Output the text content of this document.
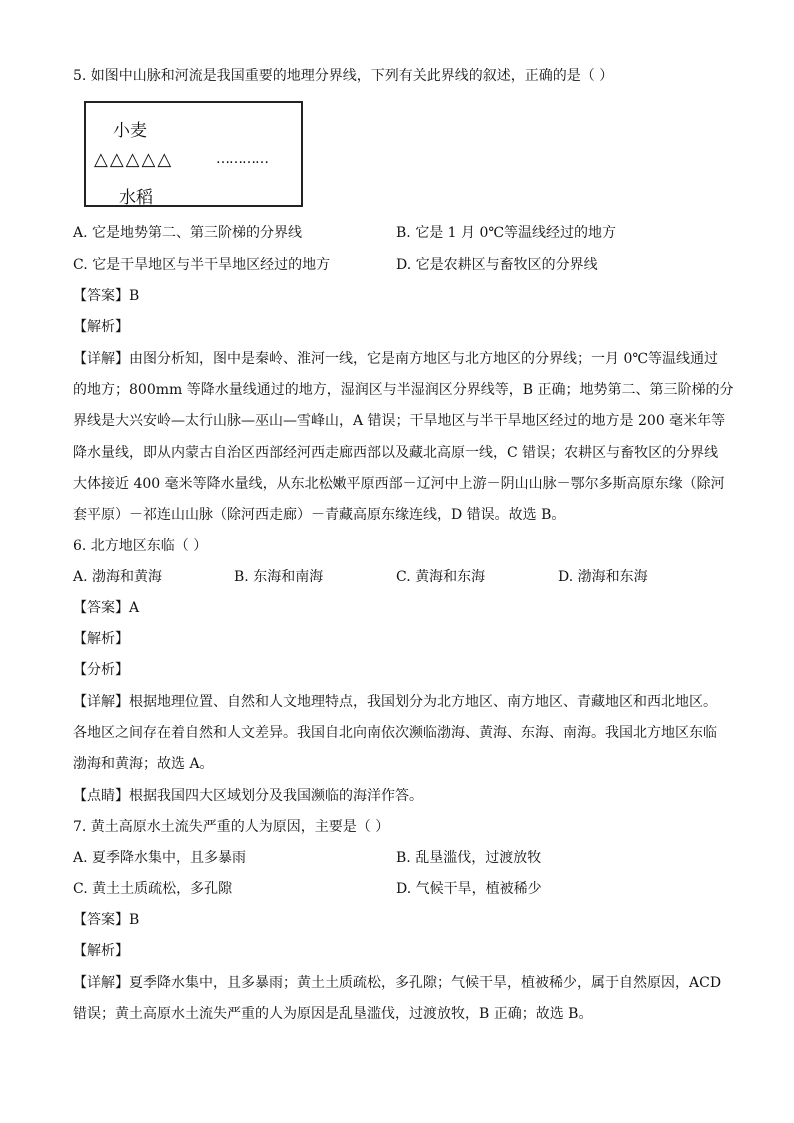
5. 如图中山脉和河流是我国重要的地理分界线，下列有关此界线的叙述，正确的是（ ）
小麦
△△△△△	…………
水稻
A. 它是地势第二、第三阶梯的分界线	B. 它是 1 月 0℃等温线经过的地方
C. 它是干旱地区与半干旱地区经过的地方	D. 它是农耕区与畜牧区的分界线
【答案】B
【解析】
【详解】由图分析知，图中是秦岭、淮河一线，它是南方地区与北方地区的分界线；一月 0℃等温线通过
的地方；800mm 等降水量线通过的地方，湿润区与半湿润区分界线等，B 正确；地势第二、第三阶梯的分
界线是大兴安岭—太行山脉—巫山—雪峰山，A 错误；干旱地区与半干旱地区经过的地方是 200 毫米年等
降水量线，即从内蒙古自治区西部经河西走廊西部以及藏北高原一线，C 错误；农耕区与畜牧区的分界线
大体接近 400 毫米等降水量线，从东北松嫩平原西部－辽河中上游－阴山山脉－鄂尔多斯高原东缘（除河
套平原）－祁连山山脉（除河西走廊）－青藏高原东缘连线，D 错误。故选 B。
6. 北方地区东临（ ）
A. 渤海和黄海	B. 东海和南海	C. 黄海和东海	D. 渤海和东海
【答案】A
【解析】
【分析】
【详解】根据地理位置、自然和人文地理特点，我国划分为北方地区、南方地区、青藏地区和西北地区。
各地区之间存在着自然和人文差异。我国自北向南依次濒临渤海、黄海、东海、南海。我国北方地区东临
渤海和黄海；故选 A。
【点睛】根据我国四大区域划分及我国濒临的海洋作答。
7. 黄土高原水土流失严重的人为原因，主要是（ ）
A. 夏季降水集中，且多暴雨	B. 乱垦滥伐，过渡放牧
C. 黄土土质疏松，多孔隙	D. 气候干旱，植被稀少
【答案】B
【解析】
【详解】夏季降水集中，且多暴雨；黄土土质疏松，多孔隙；气候干旱，植被稀少，属于自然原因，ACD
错误；黄土高原水土流失严重的人为原因是乱垦滥伐，过渡放牧，B 正确；故选 B。
